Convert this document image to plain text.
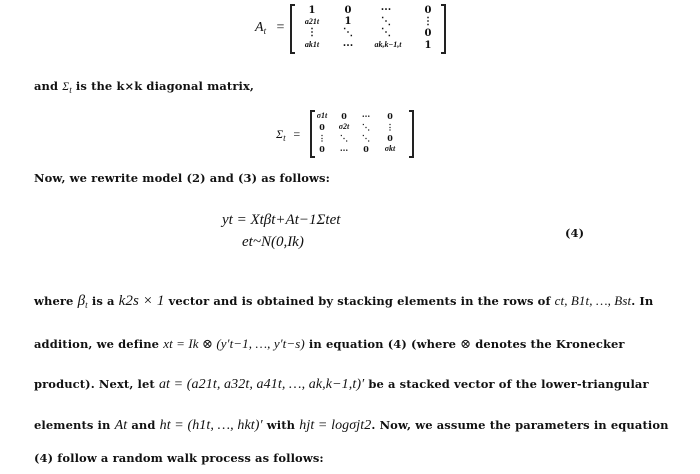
$A_t$ =
1	0	...	0
a21t	1	⋱	⋮
⋮	⋱	⋱	0
ak1t	...	ak,k−1,t	1
and $\Sigma_t$ is the k×k diagonal matrix,
$\Sigma_t$ =
σ1t	0	...	0
0	σ2t	⋱	⋮
⋮	⋱	⋱	0
0	...	0	σkt
Now, we rewrite model (2) and (3) as follows:
yt = Xtβt+At−1Σtet
et~N(0,Ik)
(4)
where $\beta_t$ is a k2s × 1 vector and is obtained by stacking elements in the rows of ct, B1t, …, Bst. In
addition, we define xt = Ik ⊗ (y′t−1, …, y′t−s) in equation (4) (where ⊗ denotes the Kronecker
product). Next, let at = (a21t, a32t, a41t, …, ak,k−1,t)′ be a stacked vector of the lower-triangular
elements in At and ht = (h1t, …, hkt)′ with hjt = logσjt2. Now, we assume the parameters in equation
(4) follow a random walk process as follows:
